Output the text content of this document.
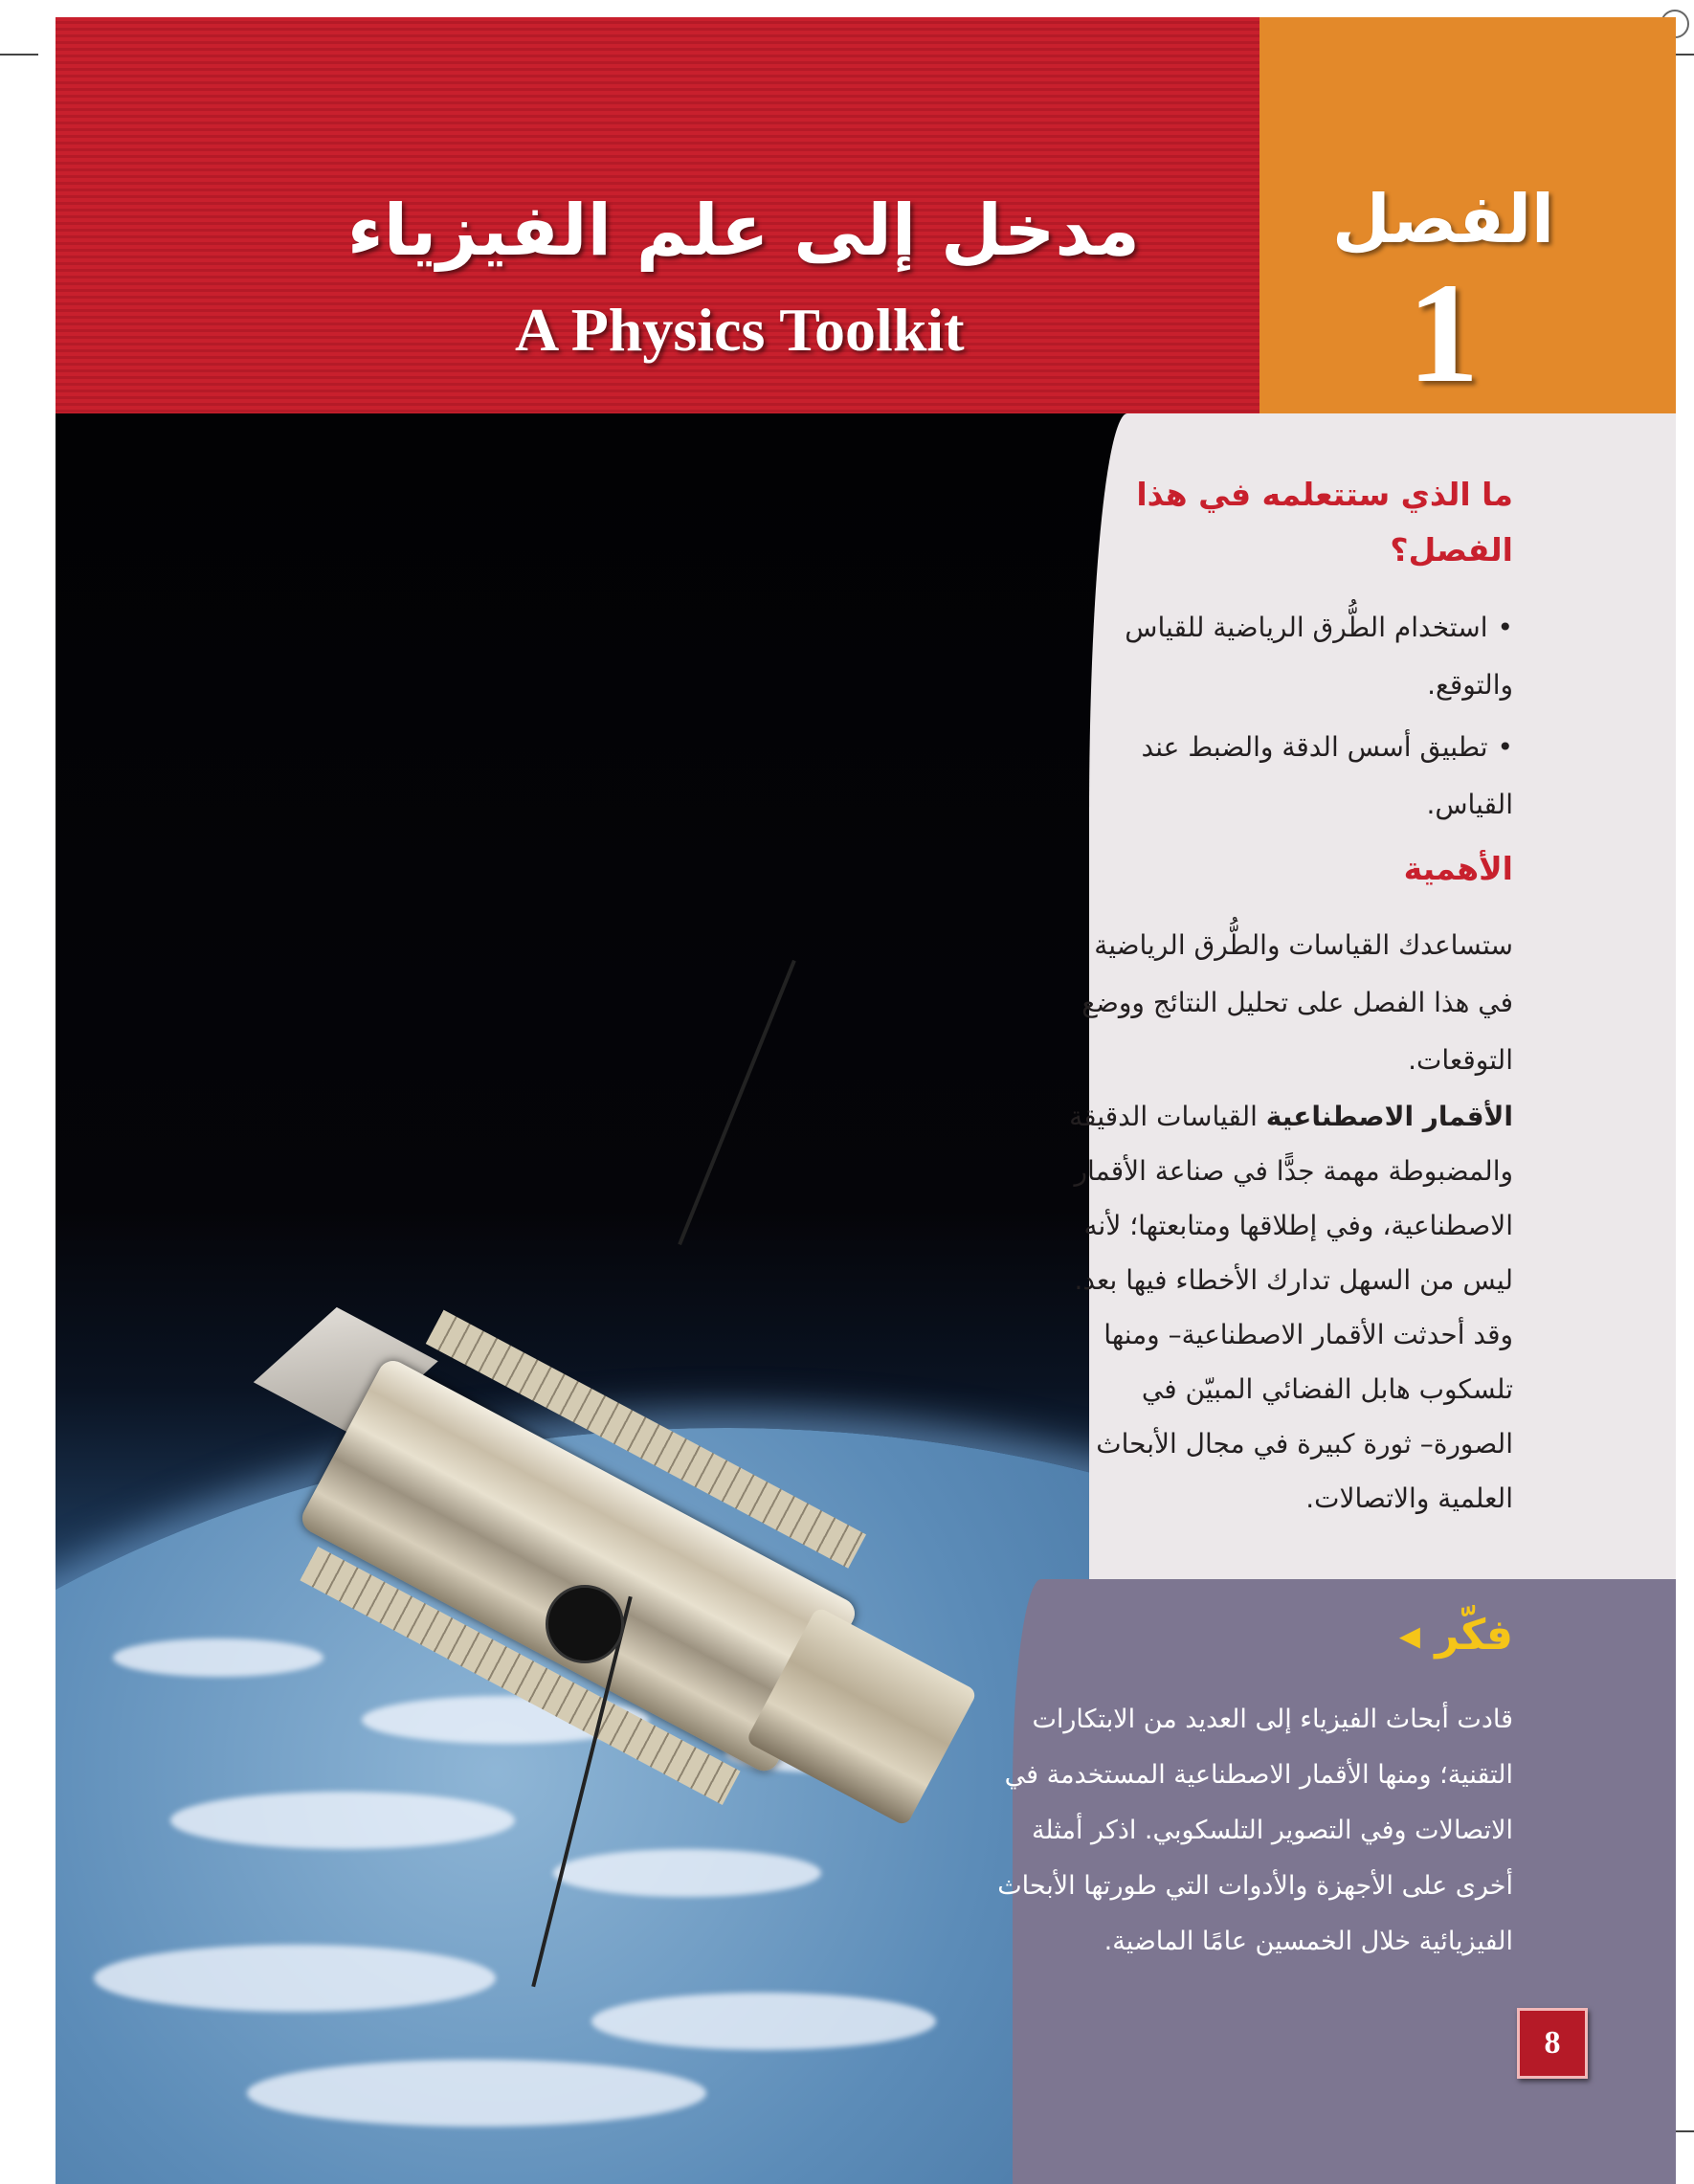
مدخل إلى علم الفيزياء
A Physics Toolkit
الفصل
1
ما الذي ستتعلمه في هذا
الفصل؟
•استخدام الطُّرق الرياضية للقياس والتوقع.
•تطبيق أسس الدقة والضبط عند القياس.
الأهمية
ستساعدك القياسات والطُّرق الرياضية في هذا الفصل على تحليل النتائج ووضع التوقعات.
الأقمار الاصطناعية القياسات الدقيقة والمضبوطة مهمة جدًّا في صناعة الأقمار الاصطناعية، وفي إطلاقها ومتابعتها؛ لأنه ليس من السهل تدارك الأخطاء فيها بعد. وقد أحدثت الأقمار الاصطناعية– ومنها تلسكوب هابل الفضائي المبيّن في الصورة– ثورة كبيرة في مجال الأبحاث العلمية والاتصالات.
فكّر ◂
قادت أبحاث الفيزياء إلى العديد من الابتكارات التقنية؛ ومنها الأقمار الاصطناعية المستخدمة في الاتصالات وفي التصوير التلسكوبي. اذكر أمثلة أخرى على الأجهزة والأدوات التي طورتها الأبحاث الفيزيائية خلال الخمسين عامًا الماضية.
8
